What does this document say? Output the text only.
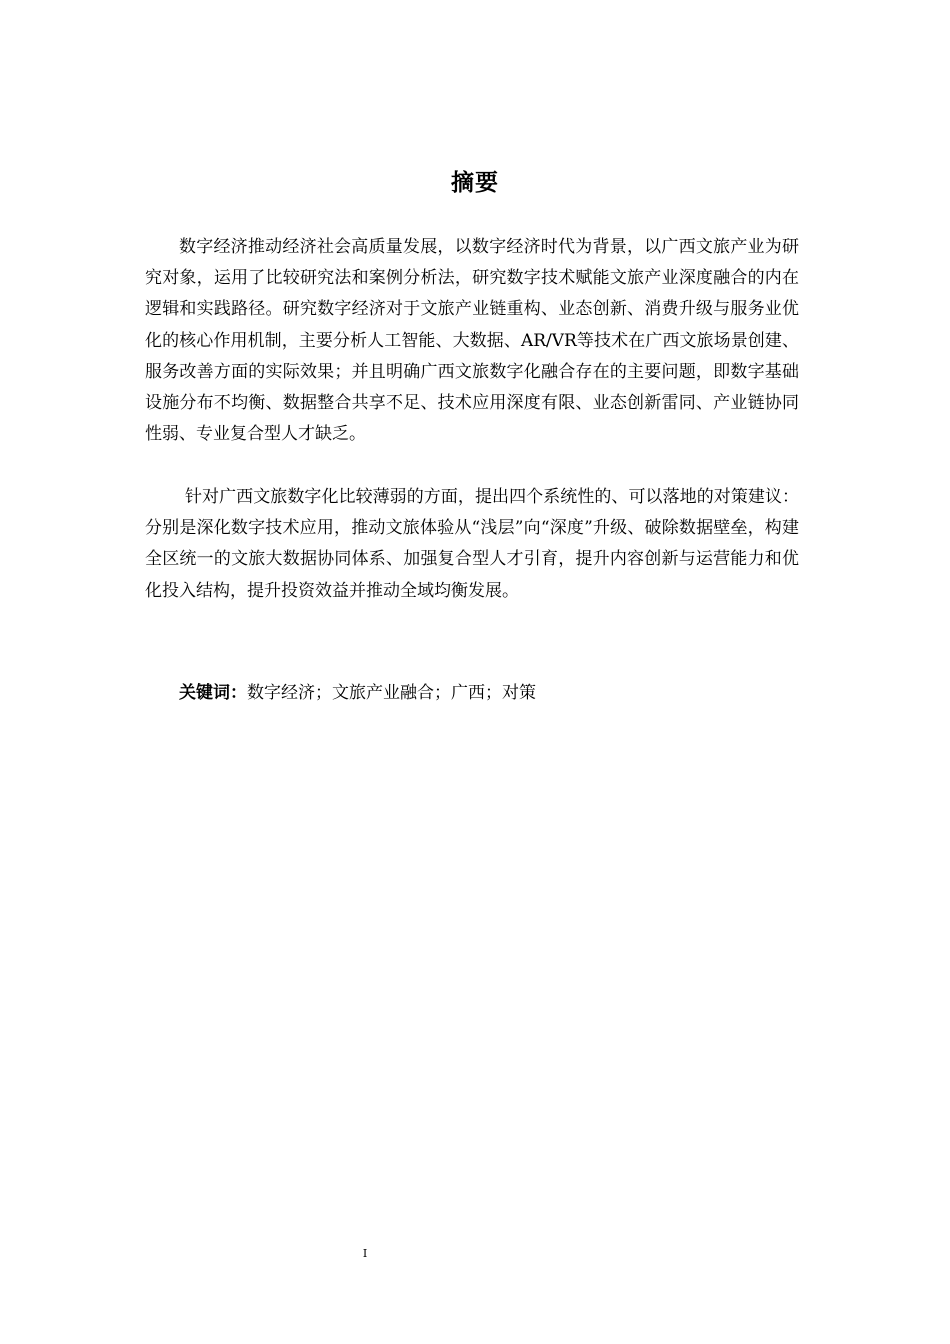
摘要

数字经济推动经济社会高质量发展，以数字经济时代为背景，以广西文旅产业为研究对象，运用了比较研究法和案例分析法，研究数字技术赋能文旅产业深度融合的内在逻辑和实践路径。研究数字经济对于文旅产业链重构、业态创新、消费升级与服务业优化的核心作用机制，主要分析人工智能、大数据、AR/VR等技术在广西文旅场景创建、服务改善方面的实际效果；并且明确广西文旅数字化融合存在的主要问题，即数字基础设施分布不均衡、数据整合共享不足、技术应用深度有限、业态创新雷同、产业链协同性弱、专业复合型人才缺乏。

针对广西文旅数字化比较薄弱的方面，提出四个系统性的、可以落地的对策建议：分别是深化数字技术应用，推动文旅体验从“浅层”向“深度”升级、破除数据壁垒，构建全区统一的文旅大数据协同体系、加强复合型人才引育，提升内容创新与运营能力和优化投入结构，提升投资效益并推动全域均衡发展。

关键词：数字经济；文旅产业融合；广西；对策
I
